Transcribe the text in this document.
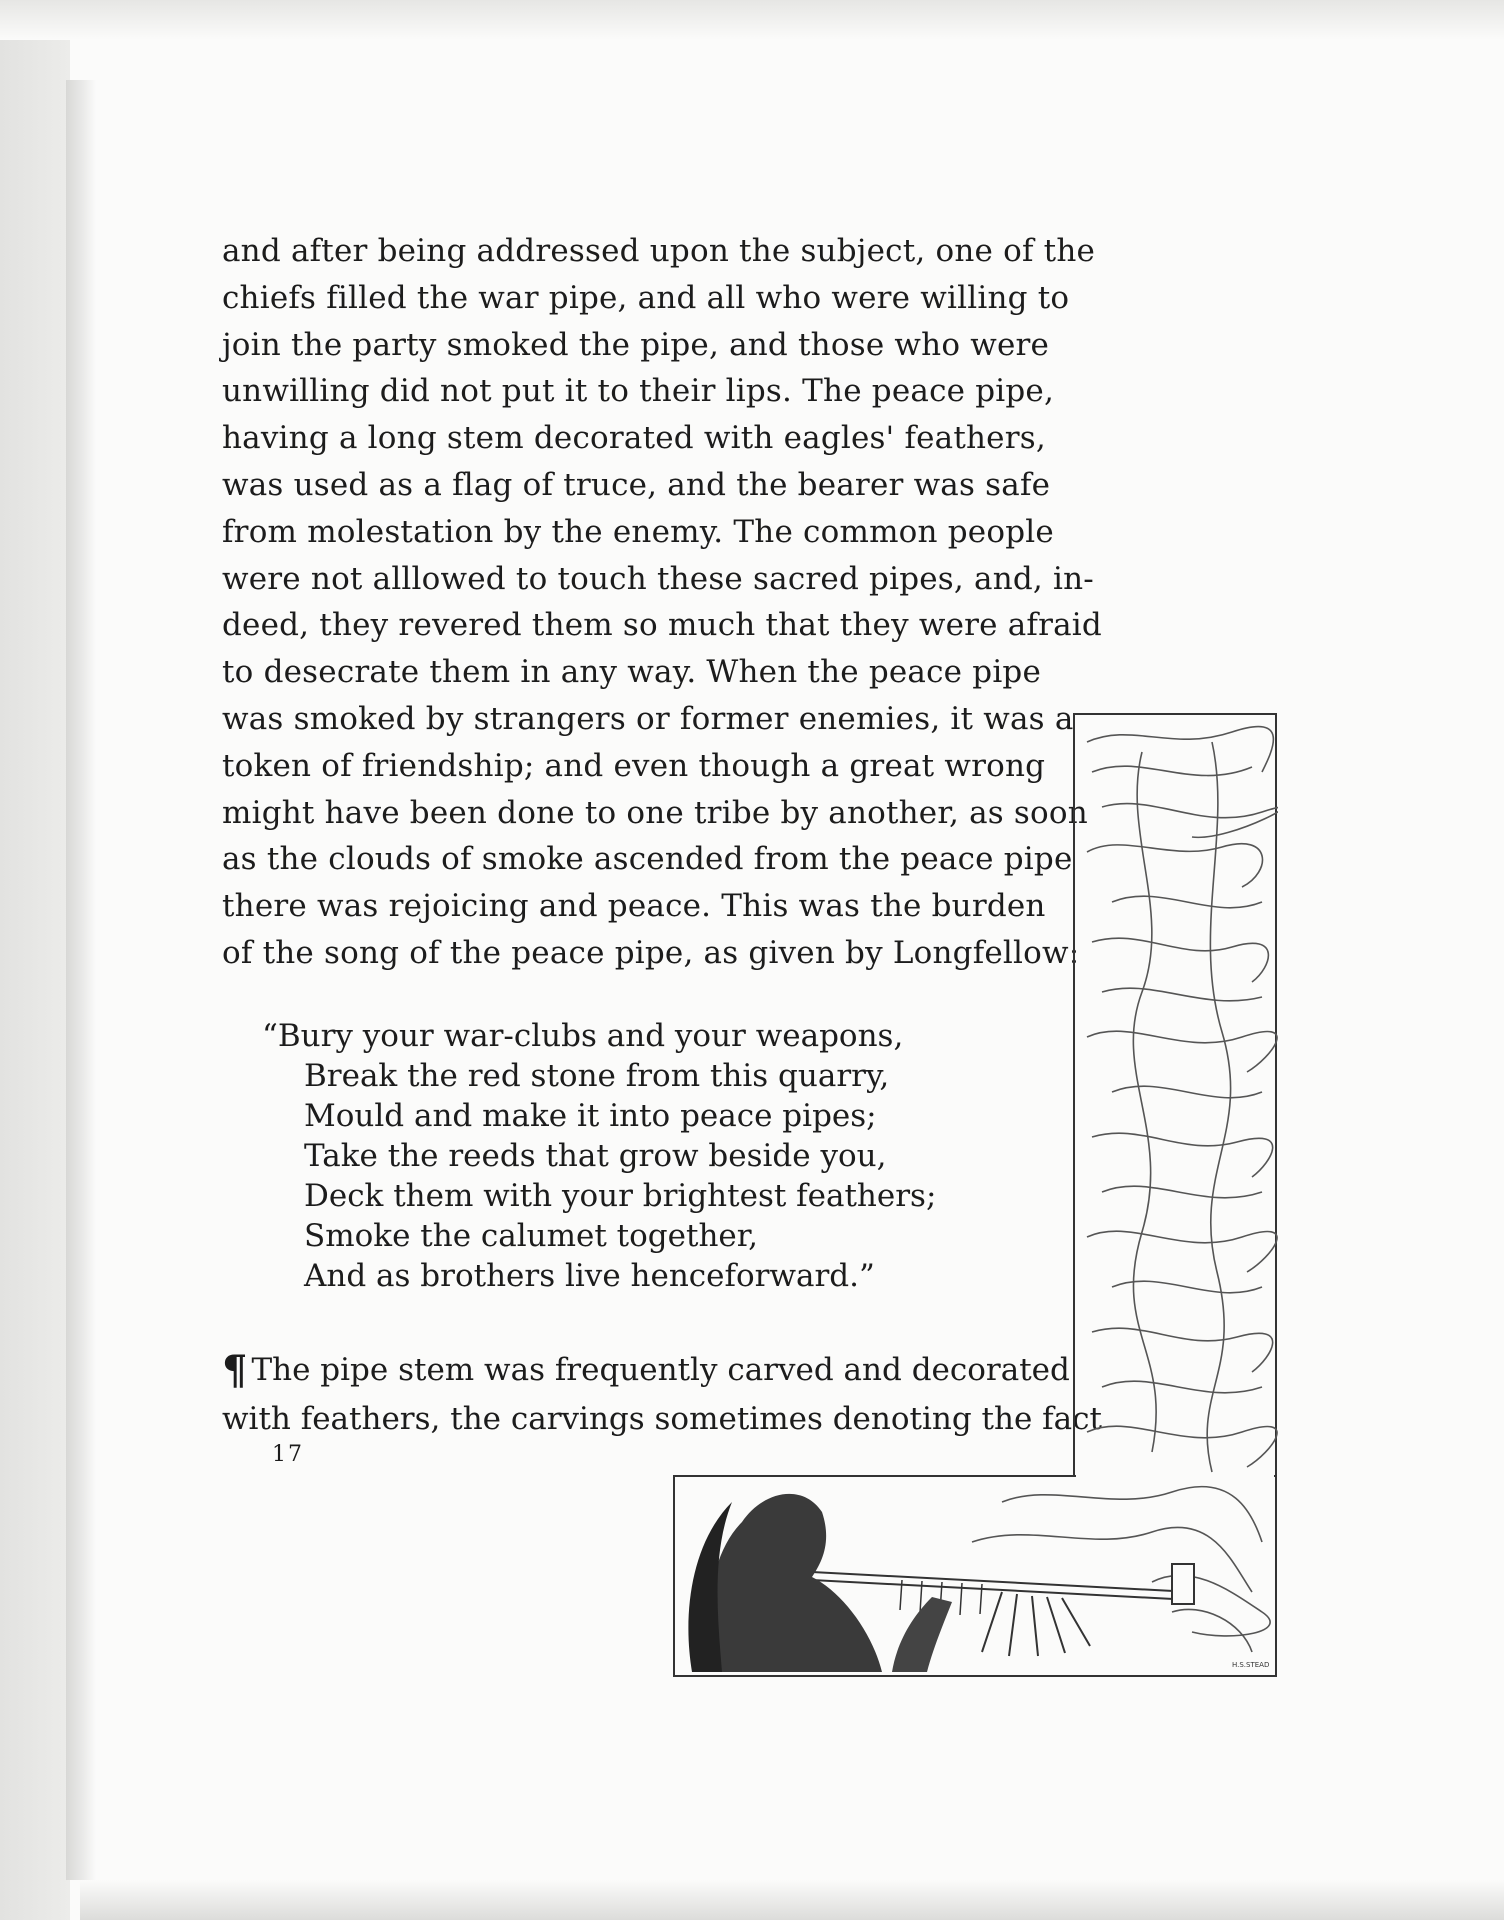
and after being addressed upon the subject, one of the
chiefs filled the war pipe, and all who were willing to
join the party smoked the pipe, and those who were
unwilling did not put it to their lips. The peace pipe,
having a long stem decorated with eagles' feathers,
was used as a flag of truce, and the bearer was safe
from molestation by the enemy. The common people
were not alllowed to touch these sacred pipes, and, in-
deed, they revered them so much that they were afraid
to desecrate them in any way. When the peace pipe
was smoked by strangers or former enemies, it was a
token of friendship; and even though a great wrong
might have been done to one tribe by another, as soon
as the clouds of smoke ascended from the peace pipe
there was rejoicing and peace. This was the burden
of the song of the peace pipe, as given by Longfellow:
“Bury your war-clubs and your weapons,
Break the red stone from this quarry,
Mould and make it into peace pipes;
Take the reeds that grow beside you,
Deck them with your brightest feathers;
Smoke the calumet together,
And as brothers live henceforward.”
¶ The pipe stem was frequently carved and decorated
with feathers, the carvings sometimes denoting the fact
17
H.S.STEAD
